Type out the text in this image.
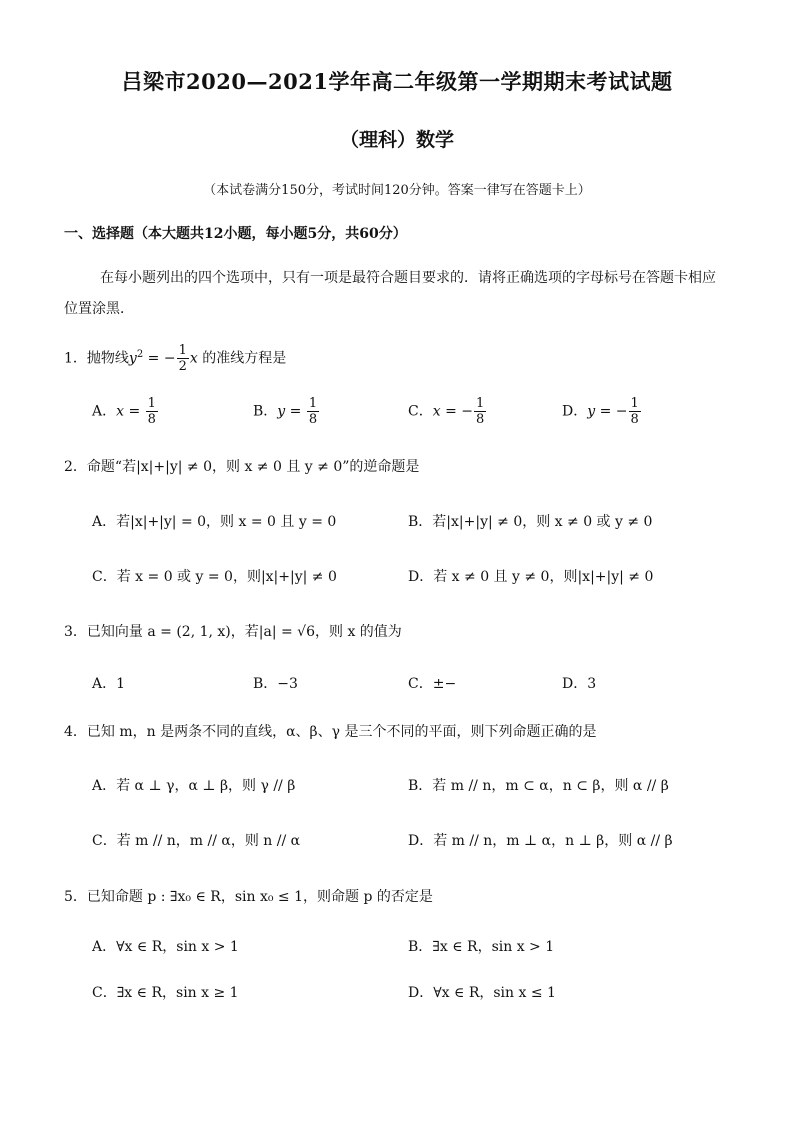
吕梁市2020—2021学年高二年级第一学期期末考试试题
（理科）数学
（本试卷满分150分，考试时间120分钟。答案一律写在答题卡上）
一、选择题（本大题共12小题，每小题5分，共60分）
在每小题列出的四个选项中，只有一项是最符合题目要求的．请将正确选项的字母标号在答题卡相应
位置涂黑．
1．抛物线$y^2$ = − $\frac{1}{2}$ x 的准线方程是
A．$x = \frac{1}{8}$	B．$y = \frac{1}{8}$	C．x = − $\frac{1}{8}$	D．y = − $\frac{1}{8}$
2．命题“若|x|+|y| ≠ 0，则 x ≠ 0 且 y ≠ 0”的逆命题是
A．若|x|+|y| = 0，则 x = 0 且 y = 0	B．若|x|+|y| ≠ 0，则 x ≠ 0 或 y ≠ 0
C．若 x = 0 或 y = 0，则|x|+|y| ≠ 0	D．若 x ≠ 0 且 y ≠ 0，则|x|+|y| ≠ 0
3．已知向量 a = (2, 1, x)，若|a| = √6，则 x 的值为
A．1	B．−3	C．±−	D．3
4．已知 m，n 是两条不同的直线，α、β、γ 是三个不同的平面，则下列命题正确的是
A．若 α ⊥ γ，α ⊥ β，则 γ // β	B．若 m // n，m ⊂ α，n ⊂ β，则 α // β
C．若 m // n，m // α，则 n // α	D．若 m // n，m ⊥ α，n ⊥ β，则 α // β
5．已知命题 p : ∃x₀ ∈ R，sin x₀ ≤ 1，则命题 p 的否定是
A．∀x ∈ R，sin x > 1	B．∃x ∈ R，sin x > 1
C．∃x ∈ R，sin x ≥ 1	D．∀x ∈ R，sin x ≤ 1
